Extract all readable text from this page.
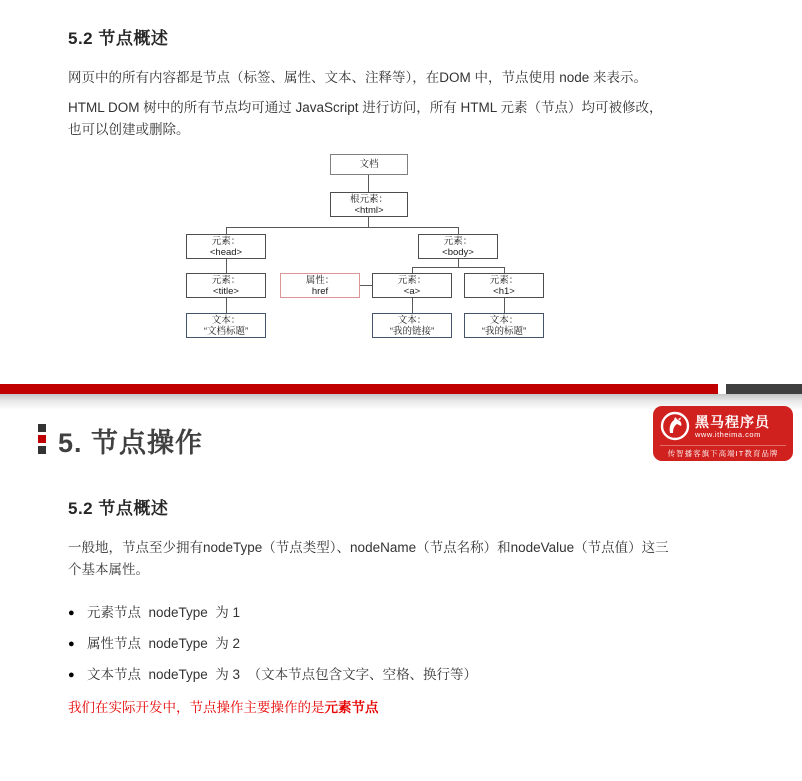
5.2 节点概述

网页中的所有内容都是节点（标签、属性、文本、注释等），在DOM 中，节点使用 node 来表示。

HTML DOM 树中的所有节点均可通过 JavaScript 进行访问，所有 HTML 元素（节点）均可被修改，也可以创建或删除。

文档
根元素：
<html>
元素：
<head>
元素：
<body>
元素：
<title>
属性：
href
元素：
<a>
元素：
<h1>
文本：
“文档标题”
文本：
“我的链接”
文本：
“我的标题”
黑马程序员
www.itheima.com
传智播客旗下高端IT教育品牌
5. 节点操作
5.2 节点概述

一般地，节点至少拥有nodeType（节点类型）、nodeName（节点名称）和nodeValue（节点值）这三个基本属性。

● 元素节点  nodeType  为 1
● 属性节点  nodeType  为 2
● 文本节点  nodeType  为 3  （文本节点包含文字、空格、换行等）

我们在实际开发中，节点操作主要操作的是元素节点
